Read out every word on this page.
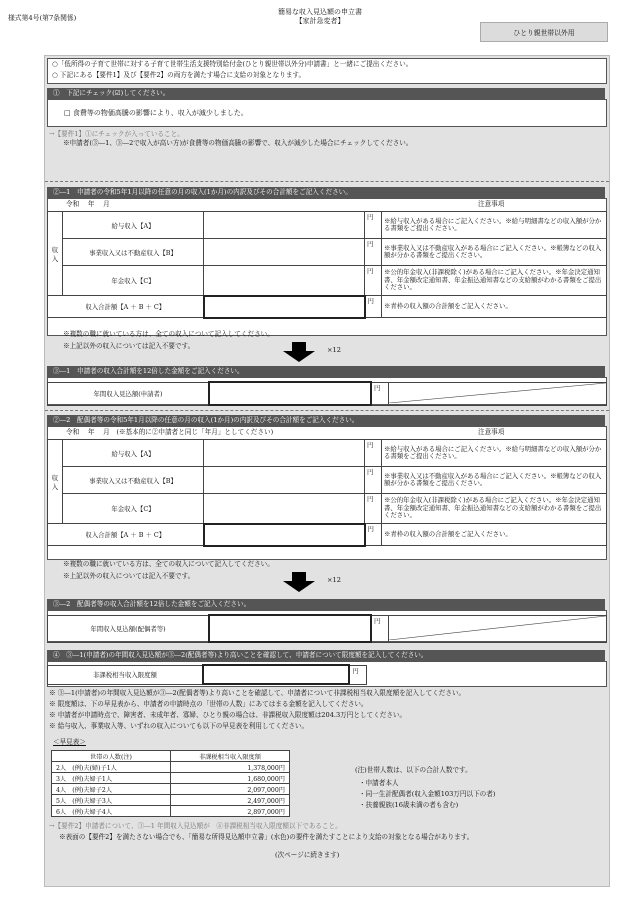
様式第4号(第7条関係)
簡易な収入見込額の申立書
【家計急変者】
ひとり親世帯以外用
○「低所得の子育て世帯に対する子育て世帯生活支援特別給付金(ひとり親世帯以外分)申請書」と一緒にご提出ください。
○ 下記にある【要件1】及び【要件2】の両方を満たす場合に支給の対象となります。
①　下記にチェック(☑)してください。
□ 食費等の物価高騰の影響により、収入が減少しました。
→【要件1】①にチェックが入っていること。
※申請者(③―1、③―2で収入が高い方)が食費等の物価高騰の影響で、収入が減少した場合にチェックしてください。
②―1　申請者の令和5年1月以降の任意の月の収入(1か月)の内訳及びその合計額をご記入ください。
令和　 年　 月	注意事項
収入	給与収入【A】		円	※給与収入がある場合にご記入ください。※給与明細書などの収入額が分かる書類をご提出ください。
	事業収入又は不動産収入【B】		円	※事業収入又は不動産収入がある場合にご記入ください。※帳簿などの収入額が分かる書類をご提出ください。
	年金収入【C】		円	※公的年金収入(非課税除く)がある場合にご記入ください。※年金決定通知書、年金額改定通知書、年金振込通知書などの支給額がわかる書類をご提出ください。
収入合計額【A ＋ B ＋ C】			円	※青枠の収入額の合計額をご記入ください。
※複数の職に就いている方は、全ての収入について記入してください。
※上記以外の収入については記入不要です。	×12
③―1　申請者の収入合計額を12倍した金額をご記入ください。
年間収入見込額(申請者)	
	円	
②―2　配偶者等の令和5年1月以降の任意の月の収入(1か月)の内訳及びその合計額をご記入ください。
令和　 年　 月　(※基本的に②申請者と同じ「年月」としてください)	注意事項
収入	給与収入【A】		円	※給与収入がある場合にご記入ください。※給与明細書などの収入額が分かる書類をご提出ください。
	事業収入又は不動産収入【B】		円	※事業収入又は不動産収入がある場合にご記入ください。※帳簿などの収入額が分かる書類をご提出ください。
	年金収入【C】		円	※公的年金収入(非課税除く)がある場合にご記入ください。※年金決定通知書、年金額改定通知書、年金振込通知書などの支給額がわかる書類をご提出ください。
収入合計額【A ＋ B ＋ C】			円	※青枠の収入額の合計額をご記入ください。
※複数の職に就いている方は、全ての収入について記入してください。
※上記以外の収入については記入不要です。	×12
③―2　配偶者等の収入合計額を12倍した金額をご記入ください。
年間収入見込額(配偶者等)	
	円	
④　③―1(申請者)の年間収入見込額が③―2(配偶者等)より高いことを確認して、申請者について限度額を記入してください。
非課税相当収入限度額	
	円
※ ③―1(申請者)の年間収入見込額が③―2(配偶者等)より高いことを確認して、申請者について非課税相当収入限度額を記入してください。
※ 限度額は、下の早見表から、申請者の申請時点の「世帯の人数」にあてはまる金額を記入してください。
※ 申請者が申請時点で、障害者、未成年者、寡婦、ひとり親の場合は、非課税収入限度額は204.3万円としてください。
※ 給与収入、事業収入等、いずれの収入についても以下の早見表を利用してください。
＜早見表＞
世帯の人数(注)	非課税相当収入限度額
2人　(例)夫(婦)子1人	1,378,000円
3人　(例)夫婦子1人	1,680,000円
4人　(例)夫婦子2人	2,097,000円
5人　(例)夫婦子3人	2,497,000円
6人　(例)夫婦子4人	2,897,000円
(注)世帯人数は、以下の合計人数です。
・申請者本人
・同一生計配偶者(収入金額103万円以下の者)
・扶養親族(16歳未満の者も含む)
→【要件2】申請者について、③―1 年間収入見込額が　④非課税相当収入限度額以下であること。
※表面の【要件2】を満たさない場合でも、「簡易な所得見込額申立書」(水色)の要件を満たすことにより支給の対象となる場合があります。
(次ページに続きます)
